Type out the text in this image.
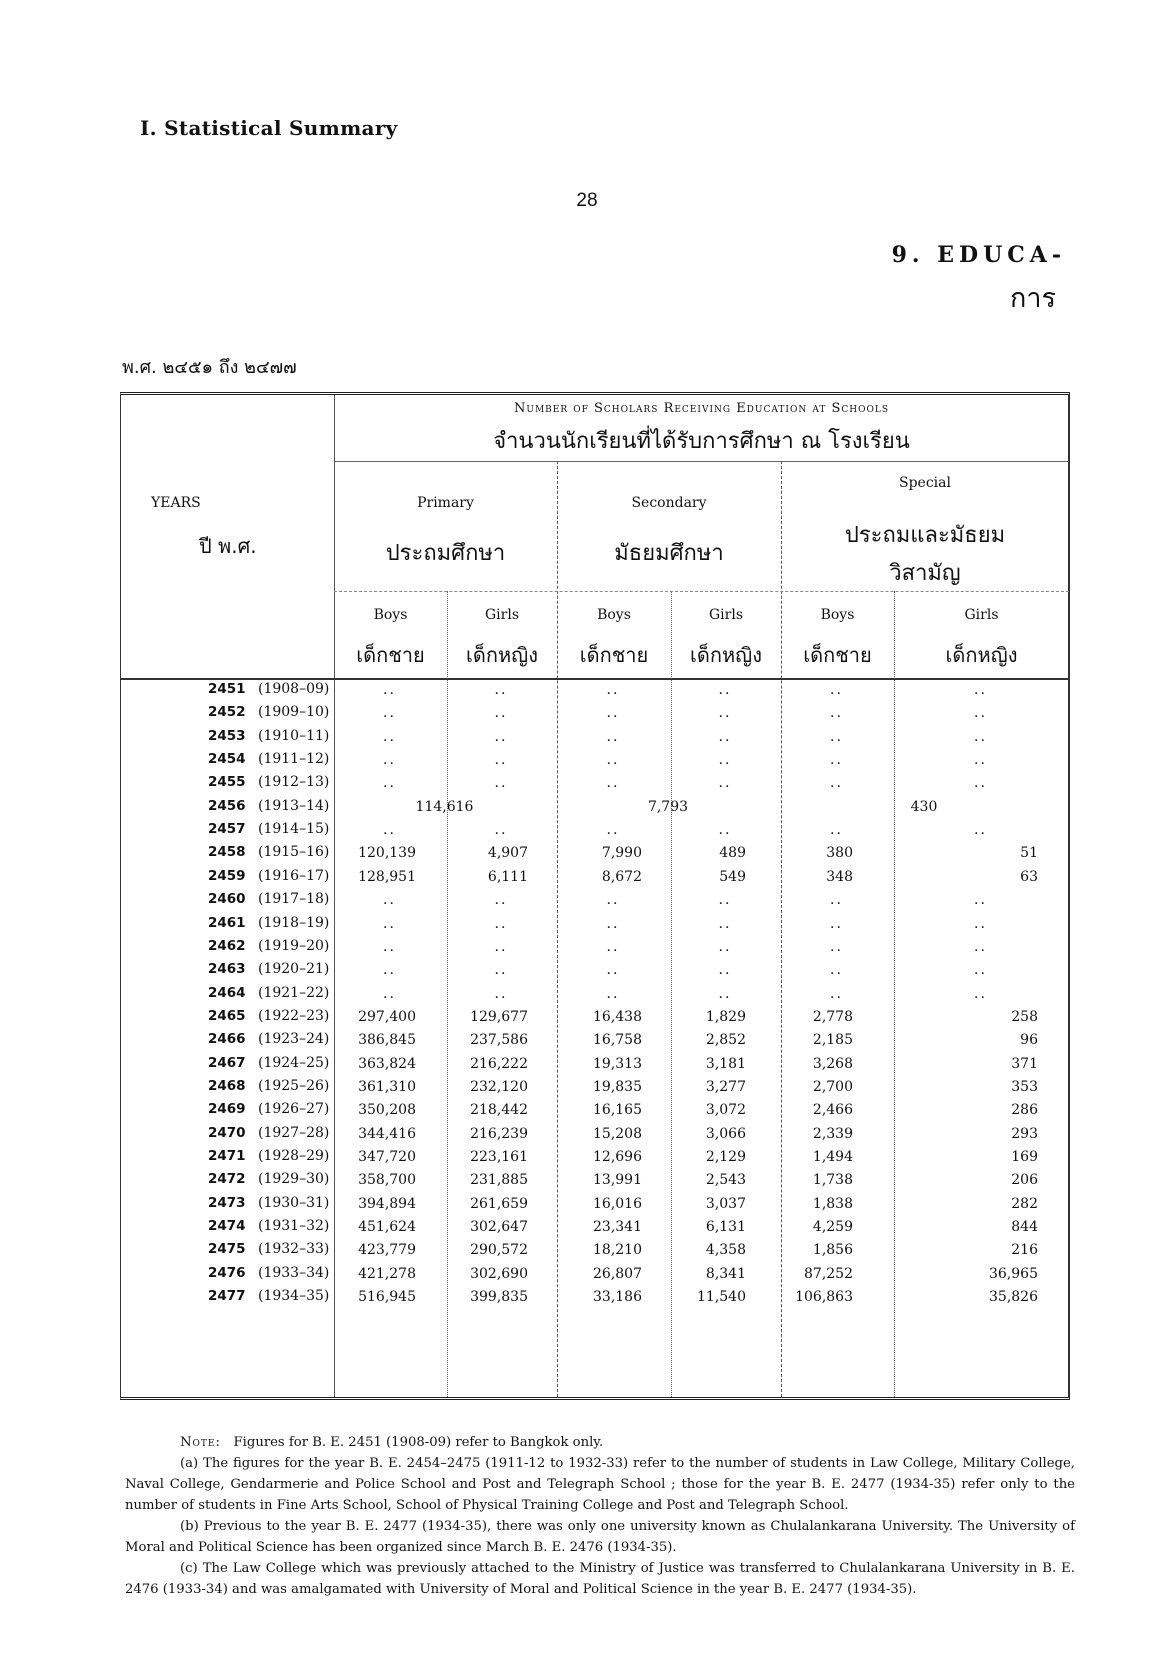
I. Statistical Summary
28
9. EDUCA-
การ
พ.ศ. ๒๔๕๑ ถึง ๒๔๗๗
Number of Scholars Receiving Education at Schools
จำนวนนักเรียนที่ได้รับการศึกษา ณ โรงเรียน
YEARS
ปี พ.ศ.
Primary
ประถมศึกษา
Secondary
มัธยมศึกษา
Special
ประถมและมัธยม วิสามัญ
Boys	Girls	Boys	Girls	Boys	Girls
เด็กชาย	เด็กหญิง	เด็กชาย	เด็กหญิง	เด็กชาย	เด็กหญิง
2451 (1908–09)	..	..	..	..	..	..
2452 (1909–10)	..	..	..	..	..	..
2453 (1910–11)	..	..	..	..	..	..
2454 (1911–12)	..	..	..	..	..	..
2455 (1912–13)	..	..	..	..	..	..
2456 (1913–14)	114,616	7,793	430
2457 (1914–15)	..	..	..	..	..	..
2458 (1915–16)	120,139	4,907	7,990	489	380	51
2459 (1916–17)	128,951	6,111	8,672	549	348	63
2460 (1917–18)	..	..	..	..	..	..
2461 (1918–19)	..	..	..	..	..	..
2462 (1919–20)	..	..	..	..	..	..
2463 (1920–21)	..	..	..	..	..	..
2464 (1921–22)	..	..	..	..	..	..
2465 (1922–23)	297,400	129,677	16,438	1,829	2,778	258
2466 (1923–24)	386,845	237,586	16,758	2,852	2,185	96
2467 (1924–25)	363,824	216,222	19,313	3,181	3,268	371
2468 (1925–26)	361,310	232,120	19,835	3,277	2,700	353
2469 (1926–27)	350,208	218,442	16,165	3,072	2,466	286
2470 (1927–28)	344,416	216,239	15,208	3,066	2,339	293
2471 (1928–29)	347,720	223,161	12,696	2,129	1,494	169
2472 (1929–30)	358,700	231,885	13,991	2,543	1,738	206
2473 (1930–31)	394,894	261,659	16,016	3,037	1,838	282
2474 (1931–32)	451,624	302,647	23,341	6,131	4,259	844
2475 (1932–33)	423,779	290,572	18,210	4,358	1,856	216
2476 (1933–34)	421,278	302,690	26,807	8,341	87,252	36,965
2477 (1934–35)	516,945	399,835	33,186	11,540	106,863	35,826

Note: Figures for B. E. 2451 (1908-09) refer to Bangkok only.

(a) The figures for the year B. E. 2454–2475 (1911-12 to 1932-33) refer to the number of students in Law College, Military College, Naval College, Gendarmerie and Police School and Post and Telegraph School ; those for the year B. E. 2477 (1934-35) refer only to the number of students in Fine Arts School, School of Physical Training College and Post and Telegraph School.

(b) Previous to the year B. E. 2477 (1934-35), there was only one university known as Chulalankarana University. The University of Moral and Political Science has been organized since March B. E. 2476 (1934-35).

(c) The Law College which was previously attached to the Ministry of Justice was transferred to Chulalankarana University in B. E. 2476 (1933-34) and was amalgamated with University of Moral and Political Science in the year B. E. 2477 (1934-35).
